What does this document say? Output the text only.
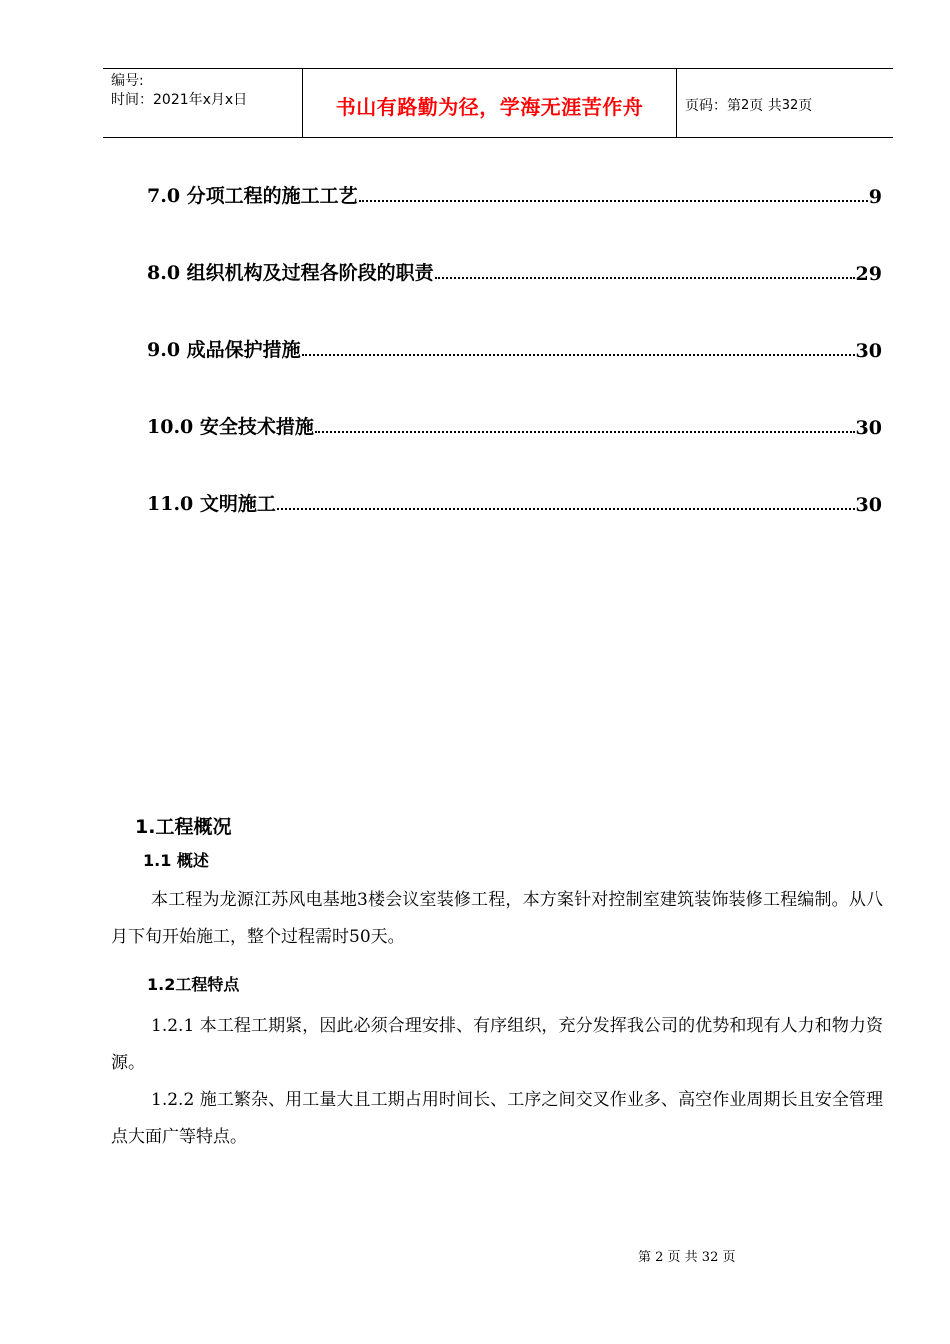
编号:
时间：2021年x月x日	书山有路勤为径，学海无涯苦作舟	页码：第 2 页 共 32 页
7.0 分项工程的施工工艺	9
8.0 组织机构及过程各阶段的职责	29
9.0 成品保护措施	30
10.0 安全技术措施	30
11.0 文明施工	30
1.工程概况
1.1 概述
本工程为龙源江苏风电基地3楼会议室装修工程，本方案针对控制室建筑装饰装修工程编制。从八月下旬开始施工，整个过程需时50天。
1.2工程特点
1.2.1 本工程工期紧，因此必须合理安排、有序组织，充分发挥我公司的优势和现有人力和物力资源。
1.2.2 施工繁杂、用工量大且工期占用时间长、工序之间交叉作业多、高空作业周期长且安全管理点大面广等特点。
第 2 页 共 32 页
